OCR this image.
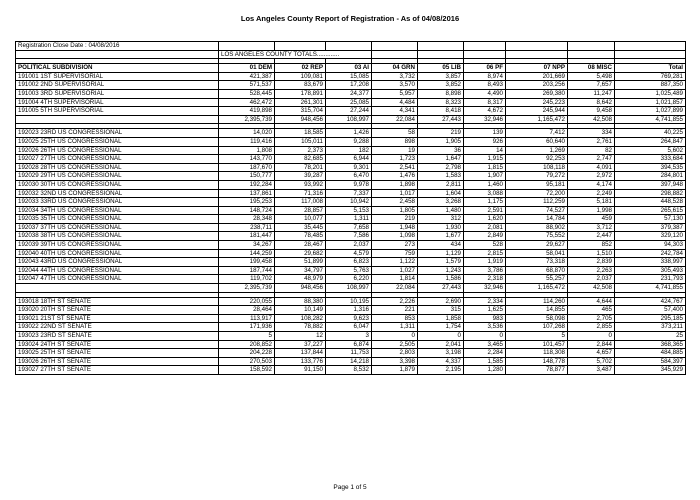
Los Angeles County Report of Registration - As of 04/08/2016
Registration Close Date : 04/08/2016									
	LOS ANGELES COUNTY TOTALS.............								

POLITICAL SUBDIVISION	01 DEM	02 REP	03 AI	04 GRN	05 LIB	06 PF	07 NPP	08 MISC	Total
191001 1ST SUPERVISORIAL	421,387	109,081	15,085	3,732	3,857	8,974	201,669	5,498	769,281
191002 2ND SUPERVISORIAL	571,537	83,679	17,208	3,570	3,852	8,493	203,256	7,657	887,350
191003 3RD SUPERVISORIAL	528,445	178,891	24,377	5,957	8,898	4,490	269,380	11,247	1,025,489
191004 4TH SUPERVISORIAL	462,472	261,301	25,085	4,484	8,323	8,317	245,223	8,642	1,021,857
191005 5TH SUPERVISORIAL	419,898	315,704	27,244	4,341	8,418	4,672	245,944	9,458	1,027,899
	2,395,739	948,456	108,997	22,084	27,443	32,946	1,165,472	42,508	4,741,855

192023 23RD US CONGRESSIONAL	14,020	18,585	1,426	58	219	139	7,412	334	40,225
192025 25TH US CONGRESSIONAL	119,416	105,011	9,288	898	1,905	926	60,640	2,761	264,847
192026 26TH US CONGRESSIONAL	1,808	2,373	182	19	36	14	1,269	82	5,602
192027 27TH US CONGRESSIONAL	143,770	82,685	6,944	1,723	1,647	1,915	92,253	2,747	333,684
192028 28TH US CONGRESSIONAL	187,670	78,201	9,301	2,541	2,798	1,815	108,118	4,091	394,535
192029 29TH US CONGRESSIONAL	150,777	39,287	6,470	1,476	1,583	1,907	79,272	2,972	284,801
192030 30TH US CONGRESSIONAL	192,284	93,992	9,978	1,898	2,811	1,460	95,181	4,174	397,948
192032 32ND US CONGRESSIONAL	137,861	71,316	7,337	1,017	1,604	3,088	72,200	2,249	298,882
192033 33RD US CONGRESSIONAL	195,253	117,008	10,942	2,458	3,268	1,175	112,259	5,181	448,528
192034 34TH US CONGRESSIONAL	148,724	28,857	5,153	1,805	1,480	2,591	74,527	1,998	265,615
192035 35TH US CONGRESSIONAL	28,348	10,077	1,311	219	312	1,620	14,784	459	57,130
192037 37TH US CONGRESSIONAL	238,711	35,445	7,658	1,948	1,930	2,081	88,902	3,712	379,387
192038 38TH US CONGRESSIONAL	181,447	78,485	7,586	1,098	1,677	2,849	75,552	2,447	329,120
192039 39TH US CONGRESSIONAL	34,267	28,467	2,037	273	434	528	29,627	852	94,303
192040 40TH US CONGRESSIONAL	144,259	29,682	4,579	759	1,129	2,815	58,041	1,510	242,784
192043 43RD US CONGRESSIONAL	199,458	51,899	6,823	1,122	1,579	1,919	73,318	2,839	338,997
192044 44TH US CONGRESSIONAL	187,744	34,797	5,763	1,027	1,243	3,786	68,870	2,263	305,493
192047 47TH US CONGRESSIONAL	119,702	48,979	6,220	1,814	1,586	2,318	55,257	2,037	231,793
	2,395,739	948,456	108,997	22,084	27,443	32,946	1,165,472	42,508	4,741,855

193018 18TH ST SENATE	220,055	88,380	10,195	2,226	2,690	2,334	114,260	4,644	424,767
193020 20TH ST SENATE	28,464	10,149	1,316	221	315	1,625	14,855	465	57,400
193021 21ST ST SENATE	113,917	108,282	9,623	853	1,858	983	58,098	2,705	295,185
193022 22ND ST SENATE	171,936	78,882	6,047	1,311	1,754	3,536	107,268	2,855	373,211
193023 23RD ST SENATE	5	12	3	0	0	0	5	0	25
193024 24TH ST SENATE	208,852	37,227	6,874	2,505	2,041	3,465	101,457	2,844	368,365
193025 25TH ST SENATE	204,228	137,844	11,753	2,803	3,198	2,284	118,308	4,657	484,885
193026 26TH ST SENATE	270,503	133,776	14,218	3,398	4,337	1,585	148,778	5,702	584,397
193027 27TH ST SENATE	158,592	91,150	8,532	1,879	2,195	1,280	78,877	3,487	345,929
Page 1 of 5
